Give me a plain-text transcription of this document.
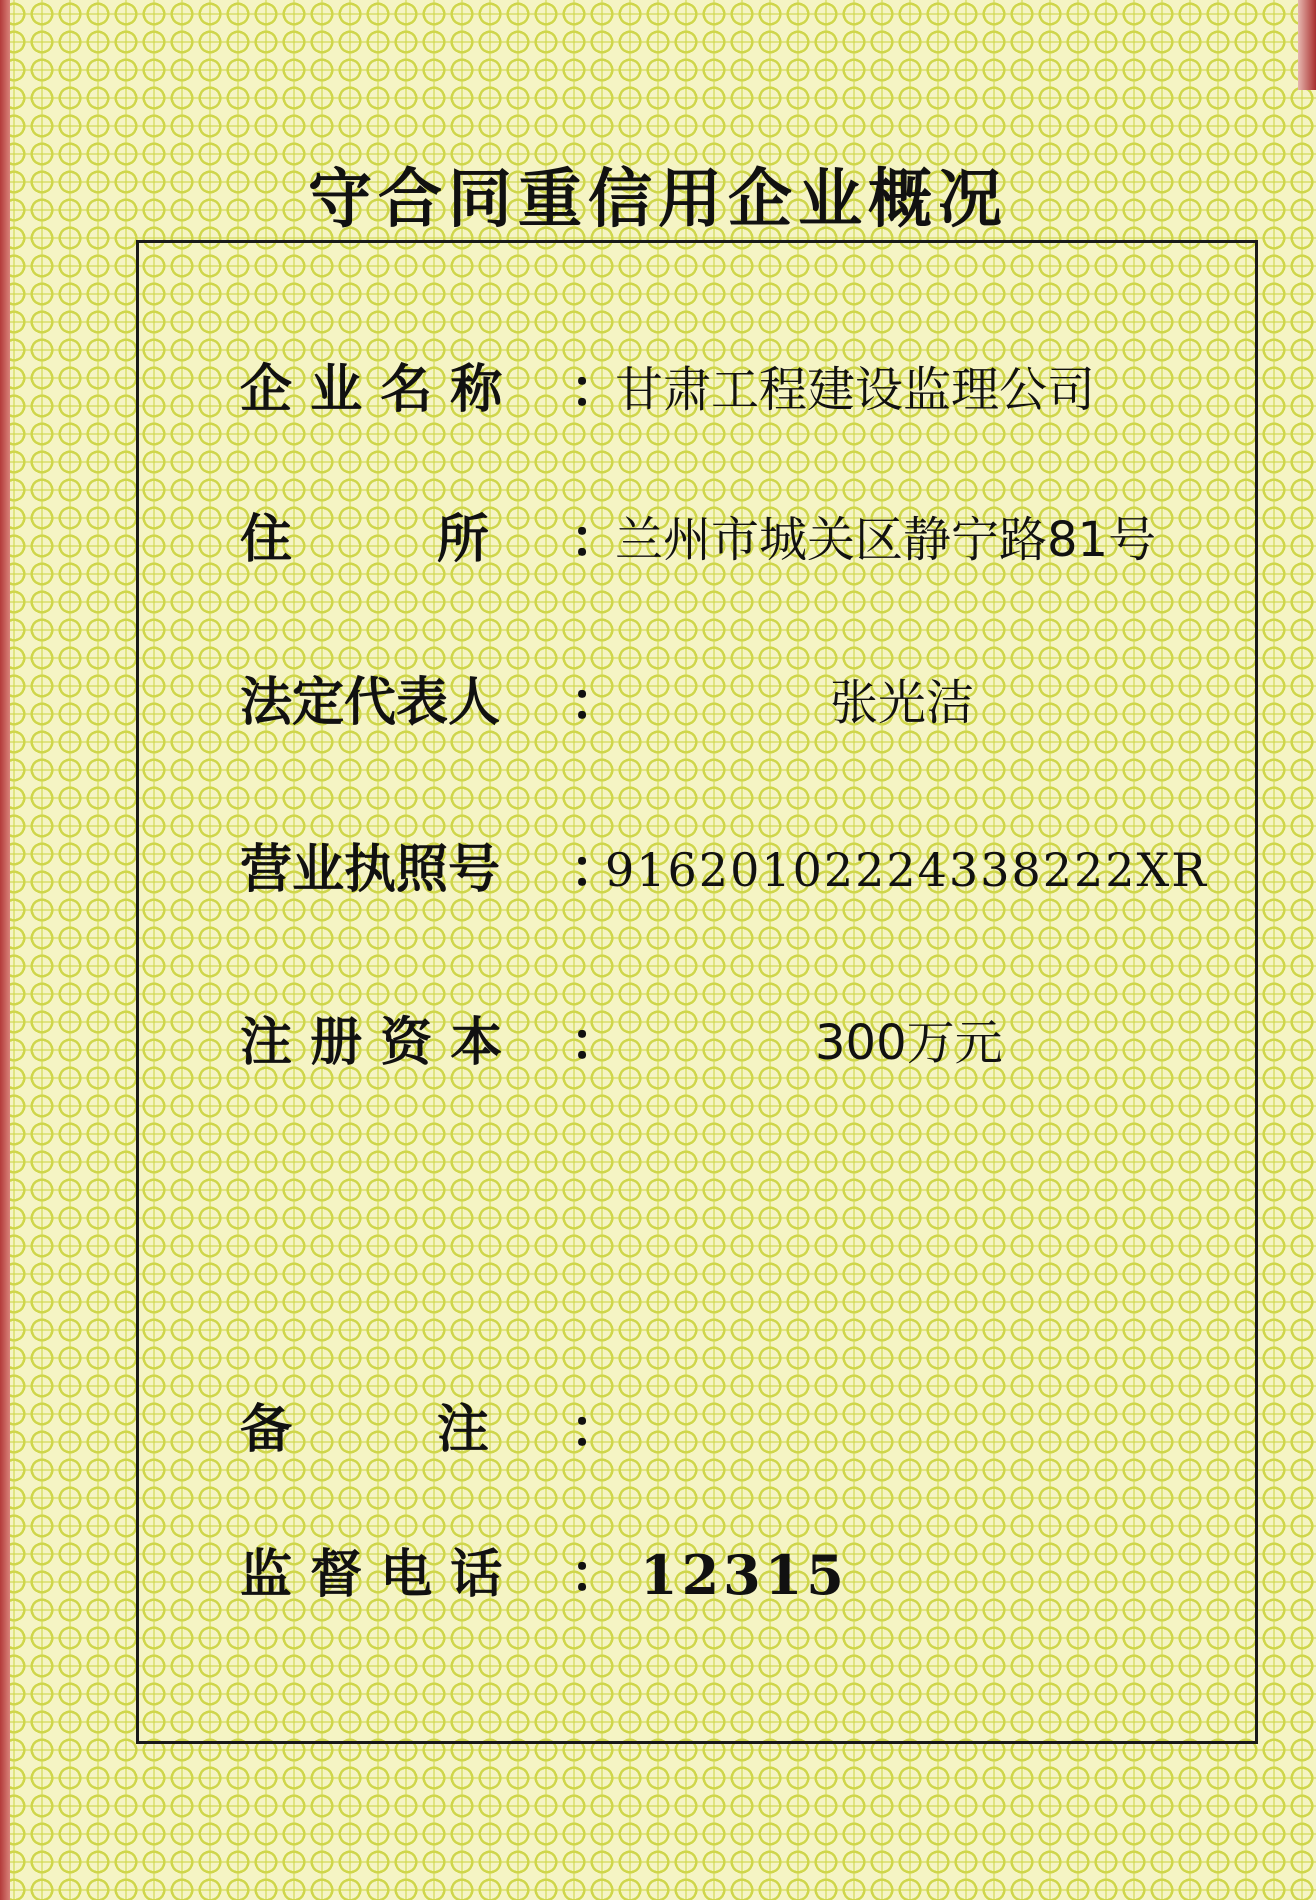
守合同重信用企业概况
企 业 名 称 ：
甘肃工程建设监理公司
住        所 ：
兰州市城关区静宁路81号
法定代表人 ：	张光洁
营业执照号 ：
91620102224338222XR
注 册 资 本 ：	300万元
备        注 ：
监 督 电 话 ： 12315
